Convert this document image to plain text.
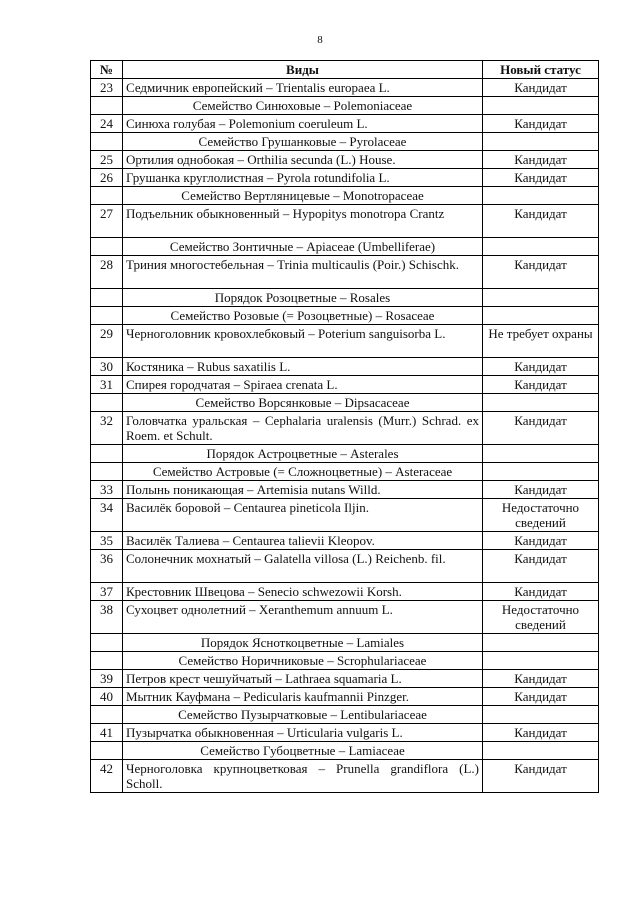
8
№	Виды	Новый статус
23	Седмичник европейский – Trientalis europaea L.	Кандидат
	Семейство Синюховые – Polemoniaceae	
24	Синюха голубая – Polemonium coeruleum L.	Кандидат
	Семейство Грушанковые – Pyrolaceae	
25	Ортилия однобокая – Orthilia secunda (L.) House.	Кандидат
26	Грушанка круглолистная – Pyrola rotundifolia L.	Кандидат
	Семейство Вертляницевые – Monotropaceae	
27	Подъельник обыкновенный – Hypopitys monotropa Crantz	Кандидат
	Семейство Зонтичные – Apiaceae (Umbelliferae)	
28	Триния многостебельная – Trinia multicaulis (Poir.) Schischk.	Кандидат
	Порядок Розоцветные – Rosales	
	Семейство Розовые (= Розоцветные) – Rosaceae	
29	Черноголовник кровохлебковый – Poterium sanguisorba L.	Не требует охраны
30	Костяника – Rubus saxatilis L.	Кандидат
31	Спирея городчатая – Spiraea crenata L.	Кандидат
	Семейство Ворсянковые – Dipsacaceae	
32	Головчатка уральская – Cephalaria uralensis (Murr.) Schrad. ex Roem. et Schult.	Кандидат
	Порядок Астроцветные – Asterales	
	Семейство Астровые (= Сложноцветные) – Asteraceae	
33	Полынь поникающая – Artemisia nutans Willd.	Кандидат
34	Василёк боровой – Centaurea pineticola Iljin.	Недостаточно сведений
35	Василёк Талиева – Centaurea talievii Kleopov.	Кандидат
36	Солонечник мохнатый – Galatella villosa (L.) Reichenb. fil.	Кандидат
37	Крестовник Швецова – Senecio schwezowii Korsh.	Кандидат
38	Сухоцвет однолетний – Xeranthemum annuum L.	Недостаточно сведений
	Порядок Ясноткоцветные – Lamiales	
	Семейство Норичниковые – Scrophulariaceae	
39	Петров крест чешуйчатый – Lathraea squamaria L.	Кандидат
40	Мытник Кауфмана – Pedicularis kaufmannii Pinzger.	Кандидат
	Семейство Пузырчатковые – Lentibulariaceae	
41	Пузырчатка обыкновенная – Urticularia vulgaris L.	Кандидат
	Семейство Губоцветные – Lamiaceae	
42	Черноголовка крупноцветковая – Prunella grandiflora (L.) Scholl.	Кандидат
